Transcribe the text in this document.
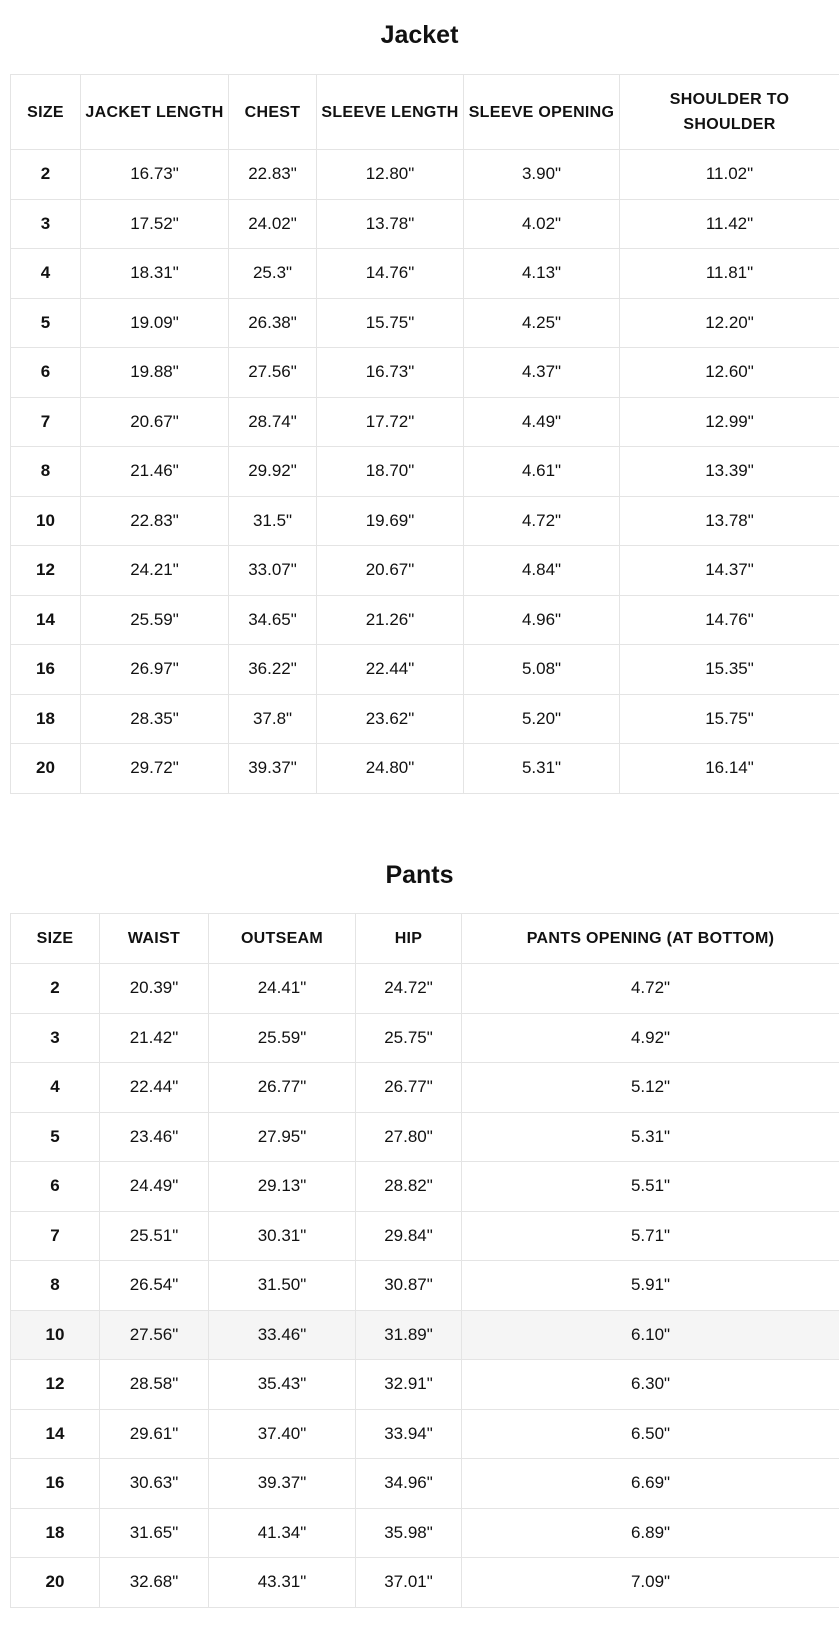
Jacket
SIZE	JACKET LENGTH	CHEST	SLEEVE LENGTH	SLEEVE OPENING	SHOULDER TO SHOULDER
2	16.73"	22.83"	12.80"	3.90"	11.02"
3	17.52"	24.02"	13.78"	4.02"	11.42"
4	18.31"	25.3"	14.76"	4.13"	11.81"
5	19.09"	26.38"	15.75"	4.25"	12.20"
6	19.88"	27.56"	16.73"	4.37"	12.60"
7	20.67"	28.74"	17.72"	4.49"	12.99"
8	21.46"	29.92"	18.70"	4.61"	13.39"
10	22.83"	31.5"	19.69"	4.72"	13.78"
12	24.21"	33.07"	20.67"	4.84"	14.37"
14	25.59"	34.65"	21.26"	4.96"	14.76"
16	26.97"	36.22"	22.44"	5.08"	15.35"
18	28.35"	37.8"	23.62"	5.20"	15.75"
20	29.72"	39.37"	24.80"	5.31"	16.14"
Pants
SIZE	WAIST	OUTSEAM	HIP	PANTS OPENING (AT BOTTOM)
2	20.39"	24.41"	24.72"	4.72"
3	21.42"	25.59"	25.75"	4.92"
4	22.44"	26.77"	26.77"	5.12"
5	23.46"	27.95"	27.80"	5.31"
6	24.49"	29.13"	28.82"	5.51"
7	25.51"	30.31"	29.84"	5.71"
8	26.54"	31.50"	30.87"	5.91"
10	27.56"	33.46"	31.89"	6.10"
12	28.58"	35.43"	32.91"	6.30"
14	29.61"	37.40"	33.94"	6.50"
16	30.63"	39.37"	34.96"	6.69"
18	31.65"	41.34"	35.98"	6.89"
20	32.68"	43.31"	37.01"	7.09"
